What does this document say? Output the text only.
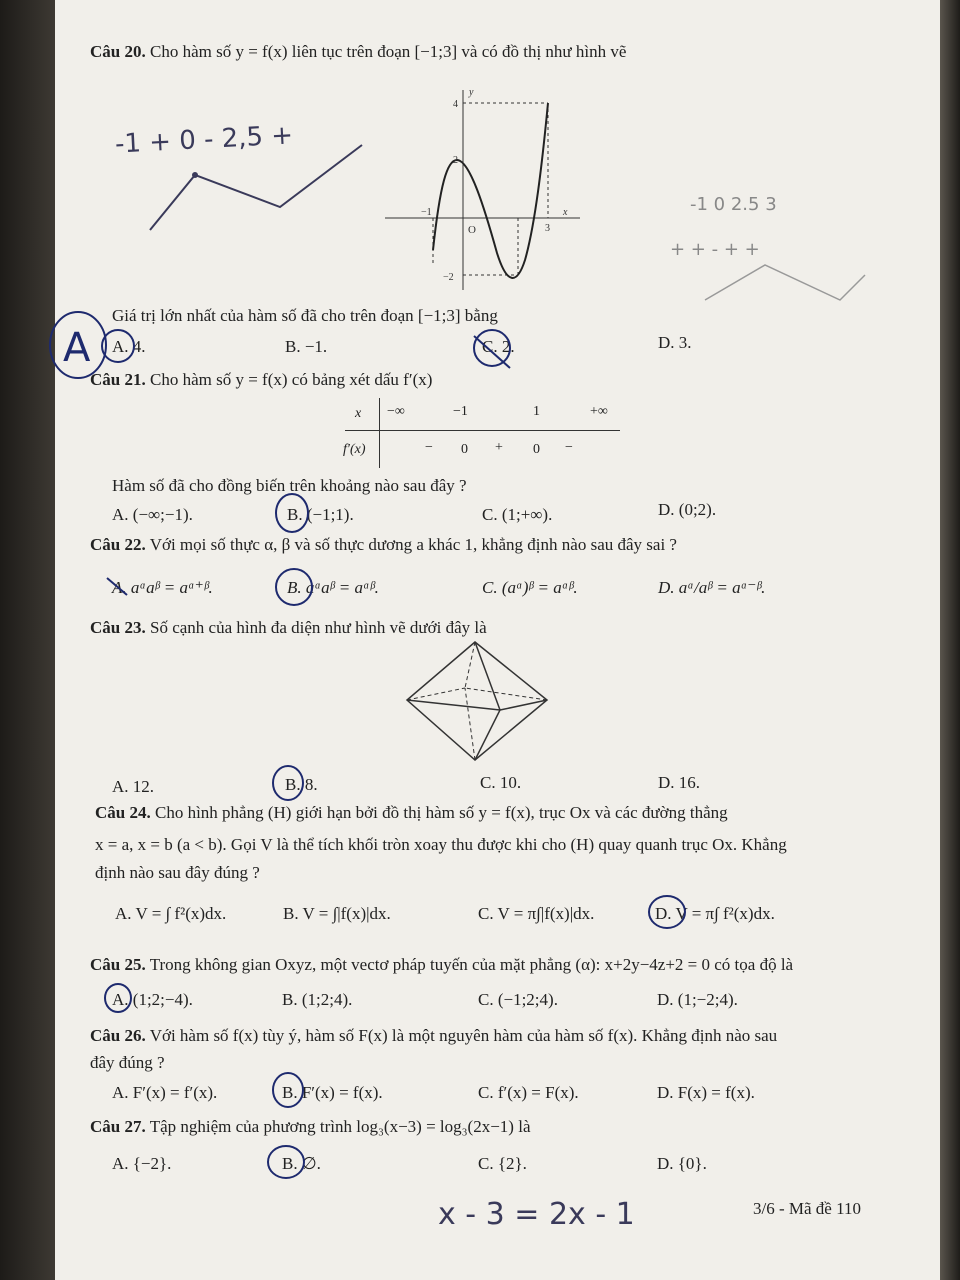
Câu 20. Cho hàm số y = f(x) liên tục trên đoạn [−1;3] và có đồ thị như hình vẽ
y
x
O
4
2
−1
3
−2
-1 + 0 - 2,5 +
-1 0 2.5 3
+ + - + +
Giá trị lớn nhất của hàm số đã cho trên đoạn [−1;3] bằng
A. 4.	B. −1.	C. 2.	D. 3.
A
Câu 21. Cho hàm số y = f(x) có bảng xét dấu f′(x)
x −∞	−1	1	+∞
f′(x)	− 0 + 0 −
Hàm số đã cho đồng biến trên khoảng nào sau đây ?
A. (−∞;−1).	B. (−1;1).	C. (1;+∞).	D. (0;2).
Câu 22. Với mọi số thực α, β và số thực dương a khác 1, khẳng định nào sau đây sai ?
A. aᵅaᵝ = aᵅ⁺ᵝ.	B. aᵅaᵝ = aᵅᵝ.	C. (aᵅ)ᵝ = aᵅᵝ.	D. aᵅ/aᵝ = aᵅ⁻ᵝ.
Câu 23. Số cạnh của hình đa diện như hình vẽ dưới đây là
A. 12.	B. 8.	C. 10.	D. 16.
Câu 24. Cho hình phẳng (H) giới hạn bởi đồ thị hàm số y = f(x), trục Ox và các đường thẳng
x = a, x = b (a < b). Gọi V là thể tích khối tròn xoay thu được khi cho (H) quay quanh trục Ox. Khẳng
định nào sau đây đúng ?
A. V = ∫ f²(x)dx.	B. V = ∫|f(x)|dx.	C. V = π∫|f(x)|dx.	D. V = π∫ f²(x)dx.
Câu 25. Trong không gian Oxyz, một vectơ pháp tuyến của mặt phẳng (α): x+2y−4z+2 = 0 có tọa độ là
A. (1;2;−4).	B. (1;2;4).	C. (−1;2;4).	D. (1;−2;4).
Câu 26. Với hàm số f(x) tùy ý, hàm số F(x) là một nguyên hàm của hàm số f(x). Khẳng định nào sau
đây đúng ?
A. F′(x) = f′(x).	B. F′(x) = f(x).	C. f′(x) = F(x).	D. F(x) = f(x).
Câu 27. Tập nghiệm của phương trình log₃(x−3) = log₃(2x−1) là
A. {−2}.	B. ∅.	C. {2}.	D. {0}.
3/6 - Mã đề 110
x - 3 = 2x - 1
